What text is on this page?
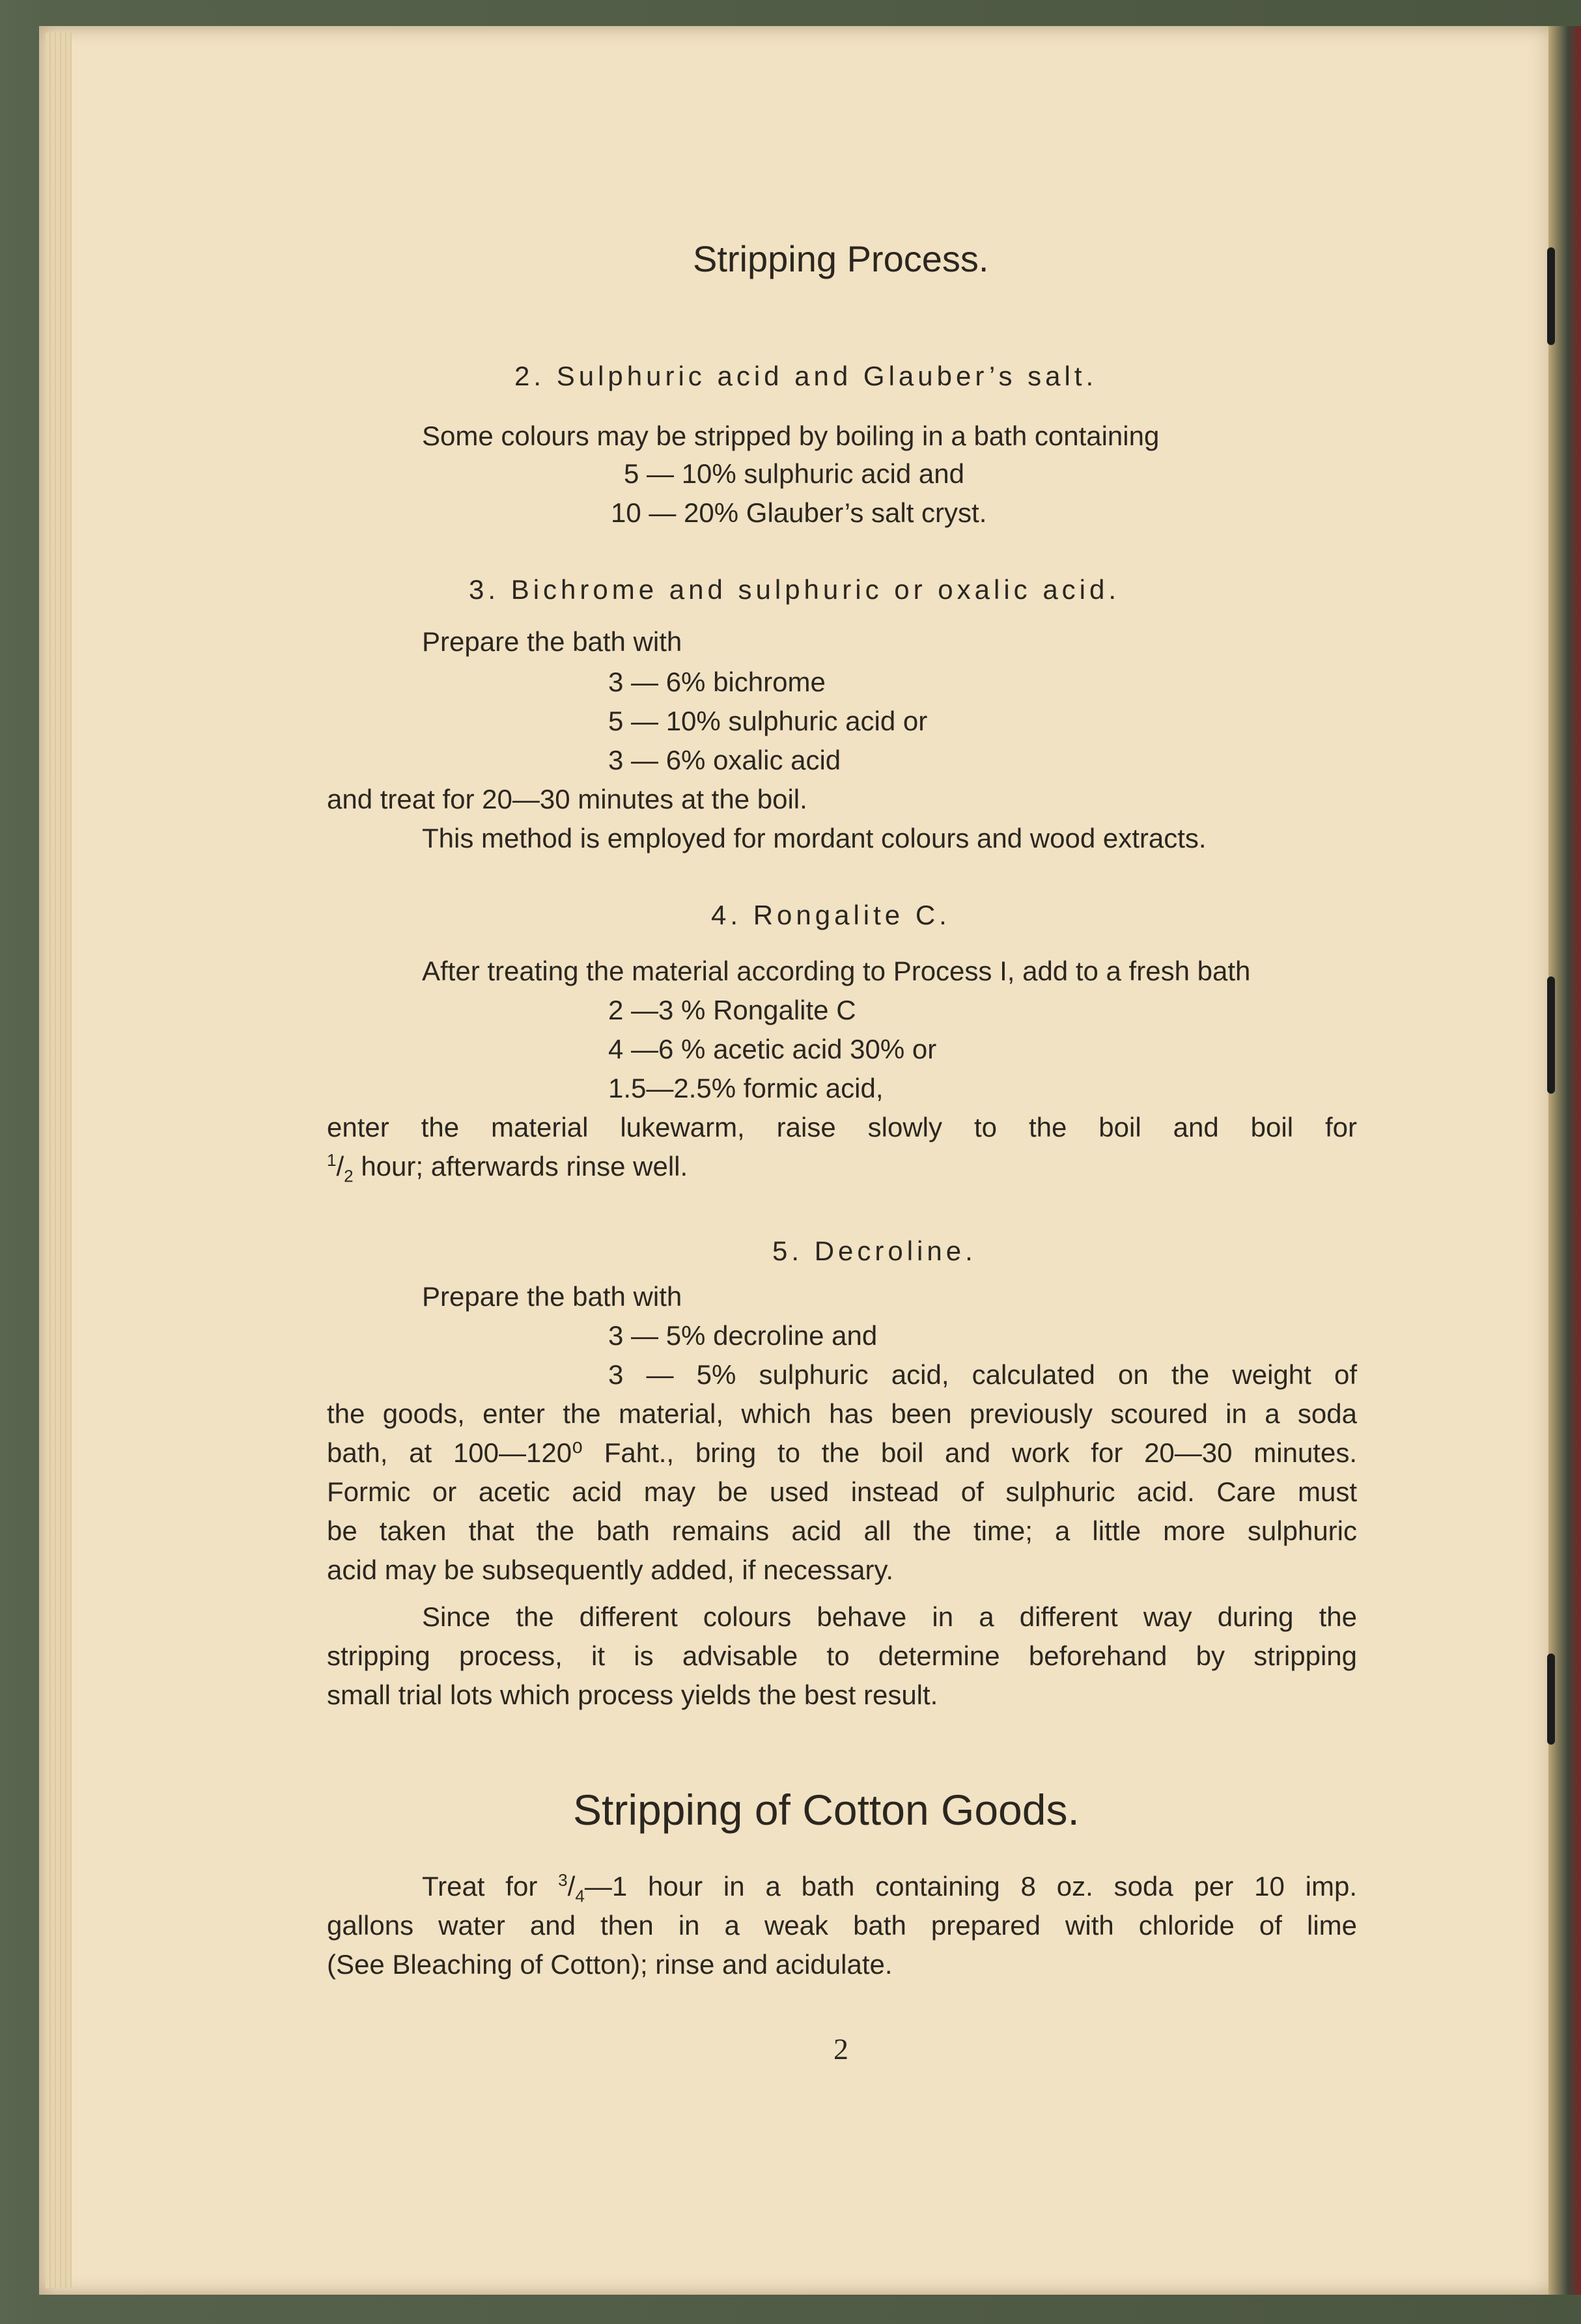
Stripping Process.
2. Sulphuric acid and Glauber’s salt.
Some colours may be stripped by boiling in a bath containing
5 — 10% sulphuric acid and
10 — 20% Glauber’s salt cryst.
3. Bichrome and sulphuric or oxalic acid.
Prepare the bath with
3 — 6% bichrome
5 — 10% sulphuric acid or
3 — 6% oxalic acid
and treat for 20—30 minutes at the boil.
This method is employed for mordant colours and wood extracts.
4. Rongalite C.
After treating the material according to Process I, add to a fresh bath
2 —3 % Rongalite C
4 —6 % acetic acid 30% or
1.5—2.5% formic acid,
enter the material lukewarm, raise slowly to the boil and boil for
$^1/_2$ hour; afterwards rinse well.
5. Decroline.
Prepare the bath with
3 — 5% decroline and
3 — 5% sulphuric acid, calculated on the weight of
the goods, enter the material, which has been previously scoured in a soda
bath, at 100—120⁰ Faht., bring to the boil and work for 20—30 minutes.
Formic or acetic acid may be used instead of sulphuric acid. Care must
be taken that the bath remains acid all the time; a little more sulphuric
acid may be subsequently added, if necessary.
Since the different colours behave in a different way during the
stripping process, it is advisable to determine beforehand by stripping
small trial lots which process yields the best result.
Stripping of Cotton Goods.
Treat for $^3/_4—1$ hour in a bath containing 8 oz. soda per 10 imp.
gallons water and then in a weak bath prepared with chloride of lime
(See Bleaching of Cotton); rinse and acidulate.
2
